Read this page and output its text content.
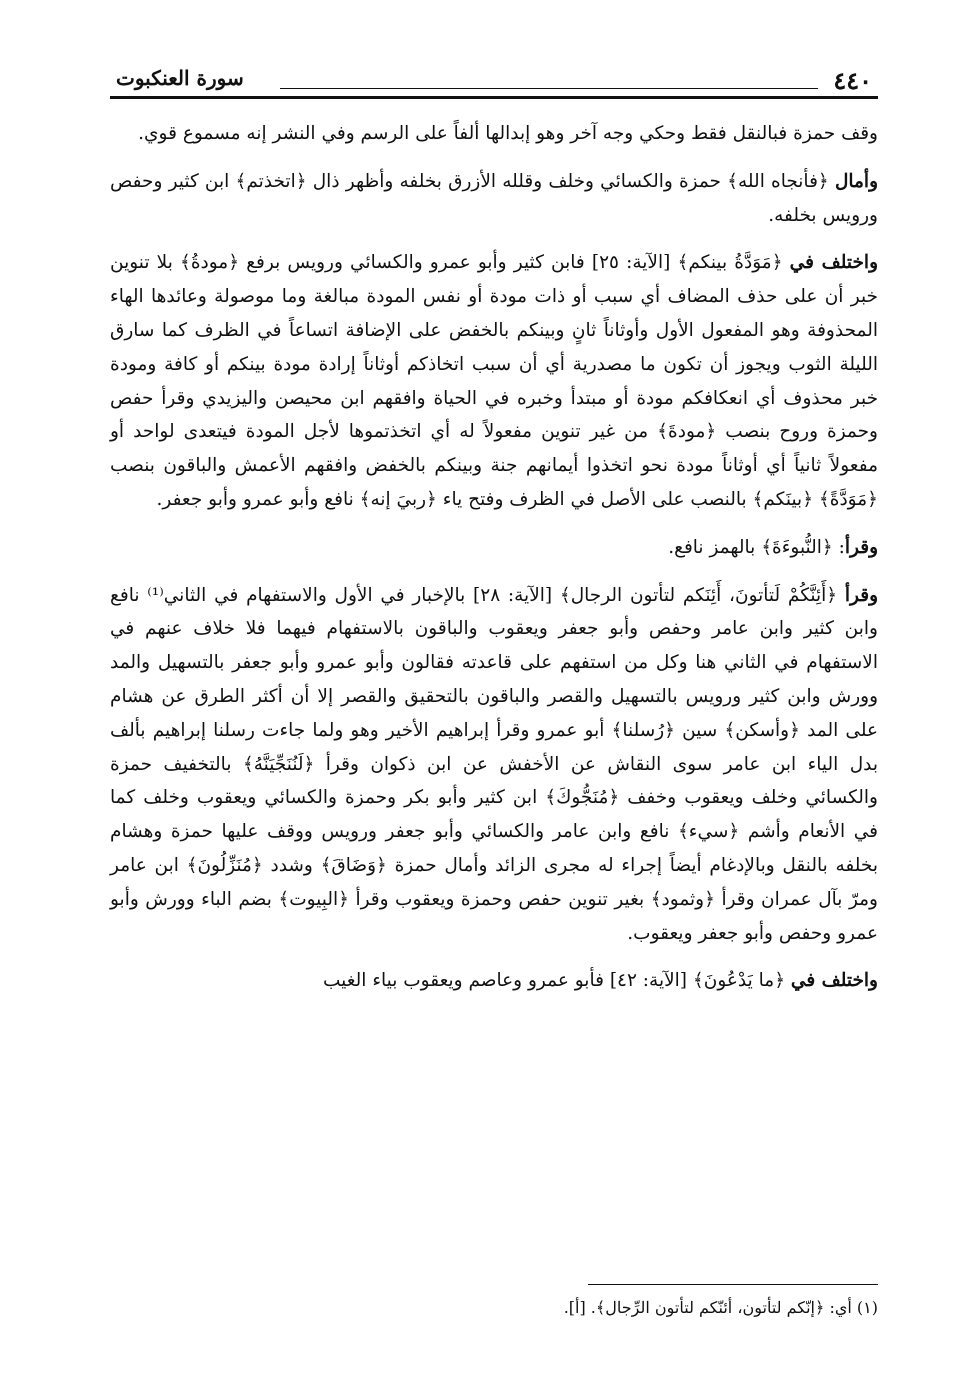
٤٤٠
سورة العنكبوت

وقف حمزة فبالنقل فقط وحكي وجه آخر وهو إبدالها ألفاً على الرسم وفي النشر إنه مسموع قوي.

وأمال ﴿فأنجاه الله﴾ حمزة والكسائي وخلف وقلله الأزرق بخلفه وأظهر ذال ﴿اتخذتم﴾ ابن كثير وحفص ورويس بخلفه.

واختلف في ﴿مَوَدَّةُ بينكم﴾ [الآية: ٢٥] فابن كثير وأبو عمرو والكسائي ورويس برفع ﴿مودةُ﴾ بلا تنوين خبر أن على حذف المضاف أي سبب أو ذات مودة أو نفس المودة مبالغة وما موصولة وعائدها الهاء المحذوفة وهو المفعول الأول وأوثاناً ثانٍ وبينكم بالخفض على الإضافة اتساعاً في الظرف كما سارق الليلة الثوب ويجوز أن تكون ما مصدرية أي أن سبب اتخاذكم أوثاناً إرادة مودة بينكم أو كافة ومودة خبر محذوف أي انعكافكم مودة أو مبتدأ وخبره في الحياة وافقهم ابن محيصن واليزيدي وقرأ حفص وحمزة وروح بنصب ﴿مودةَ﴾ من غير تنوين مفعولاً له أي اتخذتموها لأجل المودة فيتعدى لواحد أو مفعولاً ثانياً أي أوثاناً مودة نحو اتخذوا أيمانهم جنة وبينكم بالخفض وافقهم الأعمش والباقون بنصب ﴿مَوَدَّةً﴾ ﴿بينَكم﴾ بالنصب على الأصل في الظرف وفتح ياء ﴿ربيَ إنه﴾ نافع وأبو عمرو وأبو جعفر.

وقرأ: ﴿النُّبوءَةَ﴾ بالهمز نافع.

وقرأ ﴿أَئِنَّكُمْ لَتأتونَ، أَئِنَكم لتأتون الرجال﴾ [الآية: ٢٨] بالإخبار في الأول والاستفهام في الثاني⁽¹⁾ نافع وابن كثير وابن عامر وحفص وأبو جعفر ويعقوب والباقون بالاستفهام فيهما فلا خلاف عنهم في الاستفهام في الثاني هنا وكل من استفهم على قاعدته فقالون وأبو عمرو وأبو جعفر بالتسهيل والمد وورش وابن كثير ورويس بالتسهيل والقصر والباقون بالتحقيق والقصر إلا أن أكثر الطرق عن هشام على المد ﴿وأسكن﴾ سين ﴿رُسلنا﴾ أبو عمرو وقرأ إبراهيم الأخير وهو ولما جاءت رسلنا إبراهيم بألف بدل الياء ابن عامر سوى النقاش عن الأخفش عن ابن ذكوان وقرأ ﴿لَنُنَجِّيَنَّهُ﴾ بالتخفيف حمزة والكسائي وخلف ويعقوب وخفف ﴿مُنَجُّوكَ﴾ ابن كثير وأبو بكر وحمزة والكسائي ويعقوب وخلف كما في الأنعام وأشم ﴿سيء﴾ نافع وابن عامر والكسائي وأبو جعفر ورويس ووقف عليها حمزة وهشام بخلفه بالنقل وبالإدغام أيضاً إجراء له مجرى الزائد وأمال حمزة ﴿وَضَاقَ﴾ وشدد ﴿مُنَزِّلُونَ﴾ ابن عامر ومرّ بآل عمران وقرأ ﴿وثمود﴾ بغير تنوين حفص وحمزة ويعقوب وقرأ ﴿البِيوت﴾ بضم الباء وورش وأبو عمرو وحفص وأبو جعفر ويعقوب.

واختلف في ﴿ما يَدْعُونَ﴾ [الآية: ٤٢] فأبو عمرو وعاصم ويعقوب بياء الغيب

(١) أي: ﴿إنّكم لتأتون، أئنّكم لتأتون الرِّجال﴾. [أ].
